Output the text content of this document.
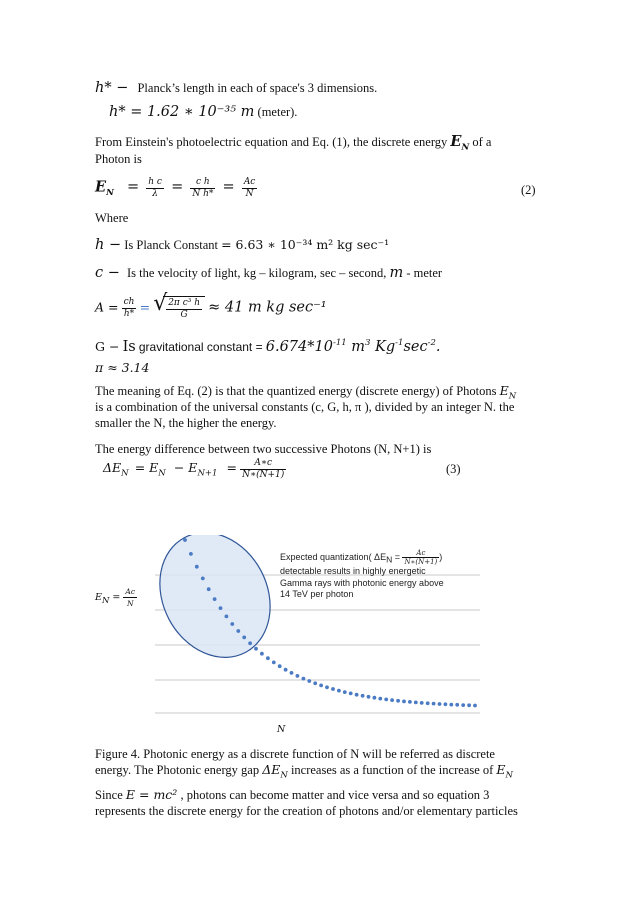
h* − Planck’s length in each of space's 3 dimensions.
h* = 1.62 ∗ 10⁻³⁵ m (meter).
From Einstein's photoelectric equation and Eq. (1), the discrete energy $E_N$ of a
Photon is
$E_N = \frac{\text{h c}}{\lambda} = \frac{\text{c h}}{\text{N h*}} = \frac{Ac}{N}$	(2)
Where
h − Is Planck Constant = 6.63 ∗ 10⁻³⁴ m² kg sec⁻¹
c − Is the velocity of light, kg – kilogram, sec – second, m - meter
$A = \frac{ch}{h*}$ = √
$\frac{\text{2π c³ h}}{G} \approx 41$ m kg sec⁻¹
G − Is gravitational constant = $6.674*10^{-11}$ $m^3$ $Kg^{-1}\sec^{-2}$.
π ≈ 3.14
The meaning of Eq. (2) is that the quantized energy (discrete energy) of Photons $E_N$
is a combination of the universal constants (c, G, h, π ), divided by an integer N. the
smaller the N, the higher the energy.
The energy difference between two successive Photons (N, N+1) is
$\Delta E_N = E_N - E_{N+1} = \frac{A∗c}{N∗(N+1)}$	(3)
$E_N = \frac{Ac}{N}$
N
Expected quantization( $\Delta E_N = \frac{Ac}{N∗(N+1)}$ )
detectable results in highly energetic
Gamma rays with photonic energy above
14 TeV per photon
Figure 4. Photonic energy as a discrete function of N will be referred as discrete
energy. The Photonic energy gap $\Delta E_N$ increases as a function of the increase of $E_N$
Since E = mc² , photons can become matter and vice versa and so equation 3
represents the discrete energy for the creation of photons and/or elementary particles
